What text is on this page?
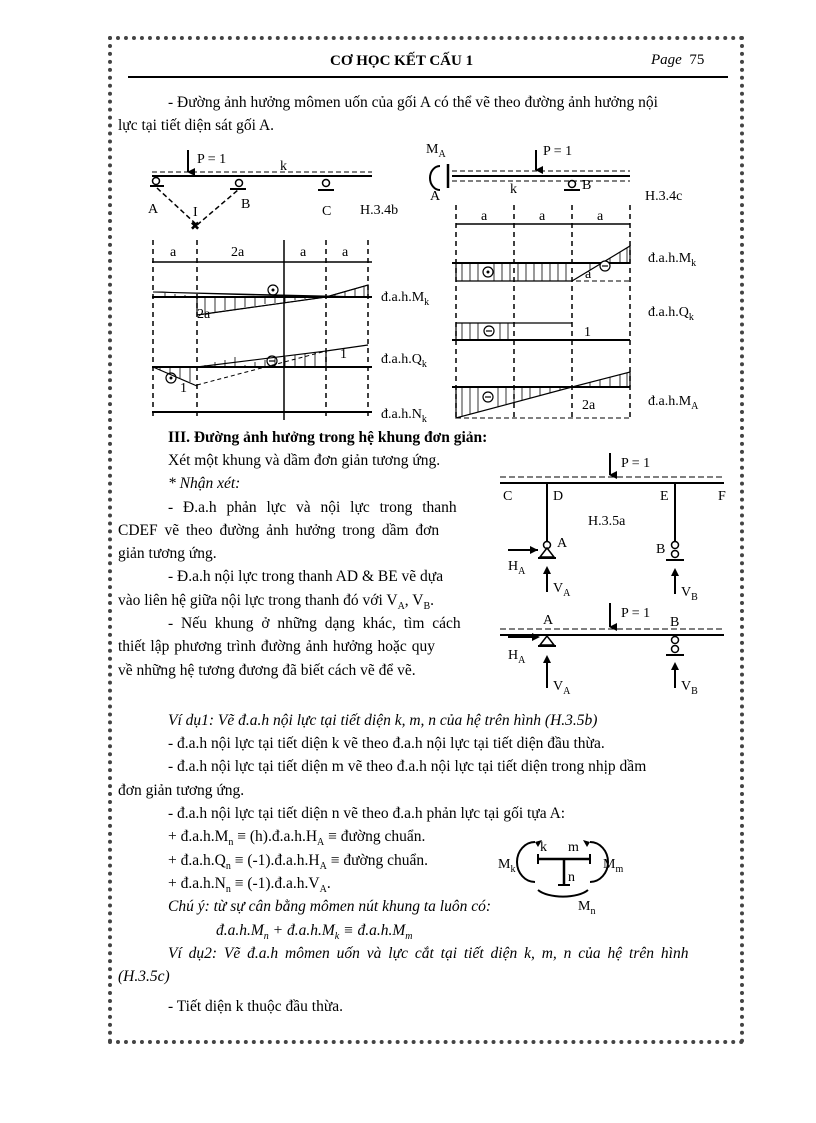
CƠ HỌC KẾT CẤU 1	Page 75
- Đường ảnh hưởng mômen uốn của gối A có thể vẽ theo đường ảnh hưởng nội
lực tại tiết diện sát gối A.
P = 1	k
A	B	C
I
✖
H.3.4b
a	2a	a	a
2a
$đ.a.h.M_k$
1
1
$đ.a.h.Q_k$
$đ.a.h.N_k$
$M_A$
A
P = 1
k	B
H.3.4c
a	a	a
a
$đ.a.h.M_k$
1
$đ.a.h.Q_k$
2a	$đ.a.h.M_A$
III. Đường ảnh hưởng trong hệ khung đơn giản:
Xét một khung và dầm đơn giản tương ứng.
* Nhận xét:
- Đ.a.h phản lực và nội lực trong thanh
CDEF vẽ theo đường ảnh hưởng trong dầm đơn
giản tương ứng.
- Đ.a.h nội lực trong thanh AD & BE vẽ dựa
vào liên hệ giữa nội lực trong thanh đó với $V_A$, $V_B$.
- Nếu khung ở những dạng khác, tìm cách
thiết lập phương trình đường ảnh hưởng hoặc quy
về những hệ tương đương đã biết cách vẽ để vẽ.
P = 1
C	D	E	F
H.3.5a
A
$H_A$
$V_A$
B
$V_B$
P = 1
A	B
$H_A$
$V_A$	$V_B$
Ví dụ1: Vẽ đ.a.h nội lực tại tiết diện k, m, n của hệ trên hình (H.3.5b)
- đ.a.h nội lực tại tiết diện k vẽ theo đ.a.h nội lực tại tiết diện đầu thừa.
- đ.a.h nội lực tại tiết diện m vẽ theo đ.a.h nội lực tại tiết diện trong nhịp dầm
đơn giản tương ứng.
- đ.a.h nội lực tại tiết diện n vẽ theo đ.a.h phản lực tại gối tựa A:
+ $đ.a.h.M_n$ ≡ $(h).đ.a.h.H_A$ ≡ đường chuẩn.
+ $đ.a.h.Q_n$ ≡ $(-1).đ.a.h.H_A$ ≡ đường chuẩn.
+ $đ.a.h.N_n$ ≡ $(-1).đ.a.h.V_A$.
Chú ý: từ sự cân bằng mômen nút khung ta luôn có:
$đ.a.h.M_n$ + $đ.a.h.M_k$ ≡ $đ.a.h.M_m$
k m
n
$M_k$	$M_m$
$M_n$
Ví dụ2: Vẽ đ.a.h mômen uốn và lực cắt tại tiết diện k, m, n của hệ trên hình
(H.3.5c)
- Tiết diện k thuộc đầu thừa.
